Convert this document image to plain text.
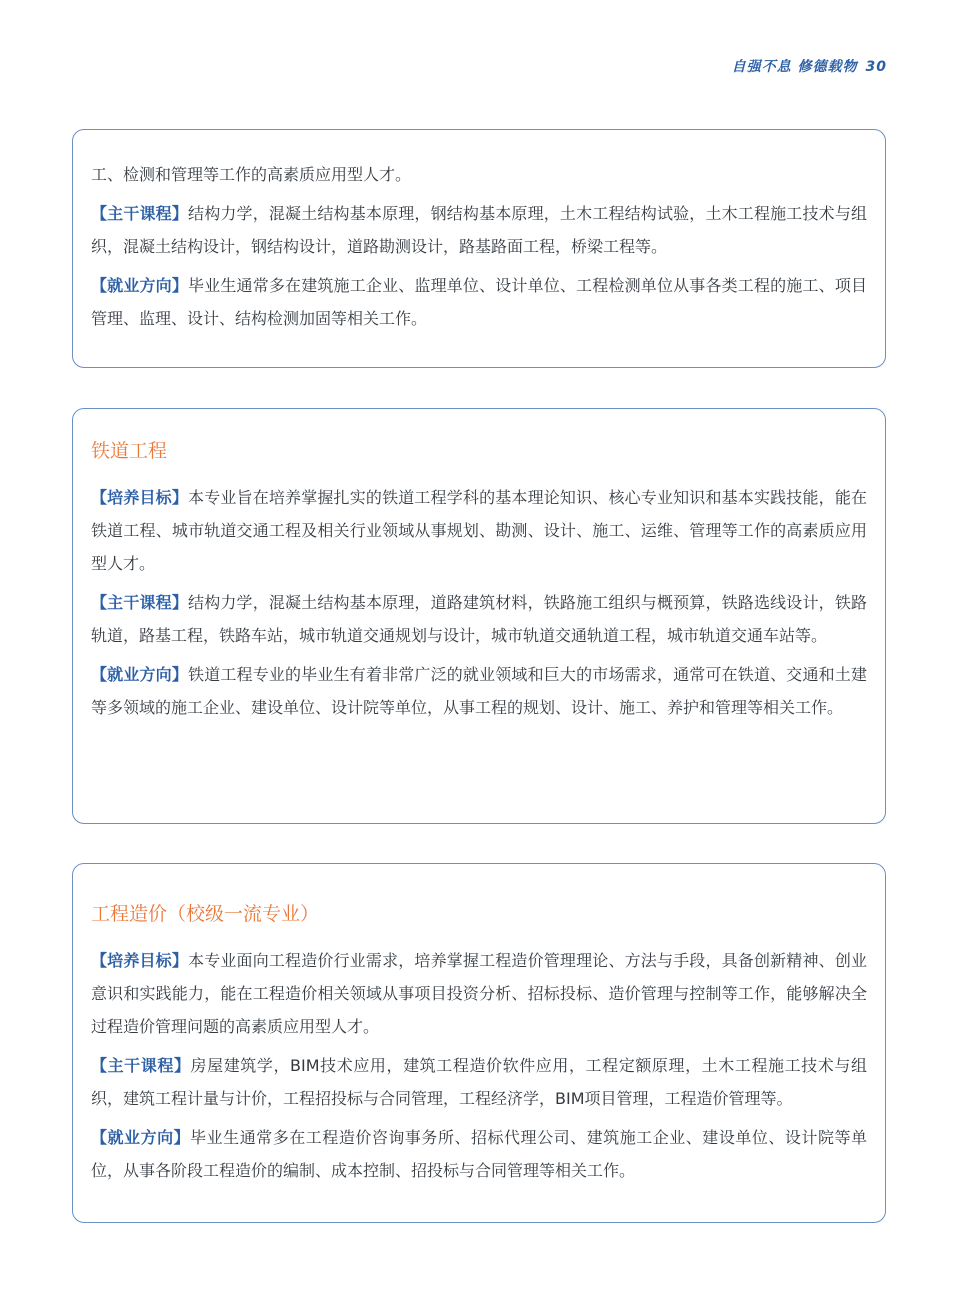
自强不息 修德载物 30

工、检测和管理等工作的高素质应用型人才。

【主干课程】结构力学，混凝土结构基本原理，钢结构基本原理，土木工程结构试验，土木工程施工技术与组织，混凝土结构设计，钢结构设计，道路勘测设计，路基路面工程，桥梁工程等。

【就业方向】毕业生通常多在建筑施工企业、监理单位、设计单位、工程检测单位从事各类工程的施工、项目管理、监理、设计、结构检测加固等相关工作。

铁道工程

【培养目标】本专业旨在培养掌握扎实的铁道工程学科的基本理论知识、核心专业知识和基本实践技能，能在铁道工程、城市轨道交通工程及相关行业领域从事规划、勘测、设计、施工、运维、管理等工作的高素质应用型人才。

【主干课程】结构力学，混凝土结构基本原理，道路建筑材料，铁路施工组织与概预算，铁路选线设计，铁路轨道，路基工程，铁路车站，城市轨道交通规划与设计，城市轨道交通轨道工程，城市轨道交通车站等。

【就业方向】铁道工程专业的毕业生有着非常广泛的就业领域和巨大的市场需求，通常可在铁道、交通和土建等多领域的施工企业、建设单位、设计院等单位，从事工程的规划、设计、施工、养护和管理等相关工作。

工程造价（校级一流专业）

【培养目标】本专业面向工程造价行业需求，培养掌握工程造价管理理论、方法与手段，具备创新精神、创业意识和实践能力，能在工程造价相关领域从事项目投资分析、招标投标、造价管理与控制等工作，能够解决全过程造价管理问题的高素质应用型人才。

【主干课程】房屋建筑学，BIM技术应用，建筑工程造价软件应用，工程定额原理，土木工程施工技术与组织，建筑工程计量与计价，工程招投标与合同管理，工程经济学，BIM项目管理，工程造价管理等。

【就业方向】毕业生通常多在工程造价咨询事务所、招标代理公司、建筑施工企业、建设单位、设计院等单位，从事各阶段工程造价的编制、成本控制、招投标与合同管理等相关工作。
